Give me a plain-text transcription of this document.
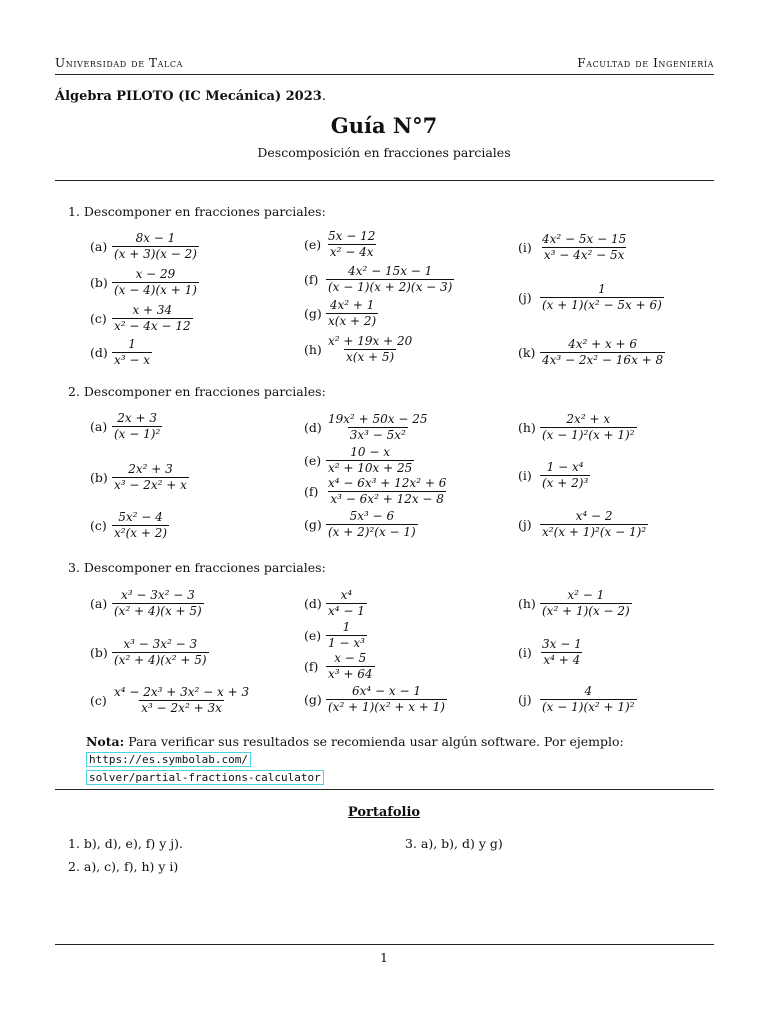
Universidad de Talca	Facultad de Ingeniería
Álgebra PILOTO (IC Mecánica) 2023.
Guía N°7
Descomposición en fracciones parciales
1. Descomponer en fracciones parciales:
$(a) \frac{8x - 1}{(x + 3)(x - 2)}$
$(b) \frac{x - 29}{(x - 4)(x + 1)}$
$(c) \frac{x + 34}{\text{x² − 4x − 12}}$
$(d) \frac{1}{\text{x³ − x}}$
$(e) \frac{5x - 12}{\text{x² − 4x}}$
$(f) \frac{\text{4x² − 15x − 1}}{(x - 1)(x + 2)(x - 3)}$
$(g) \frac{\text{4x² + 1}}{x(x + 2)}$
$(h) \frac{\text{x² + 19x + 20}}{x(x + 5)}$
$(i) \frac{\text{4x² − 5x − 15}}{\text{x³ − 4x² − 5x}}$
$(j) \frac{1}{\text{(x + 1)(x² − 5x + 6)}}$
$(k) \frac{\text{4x² + x + 6}}{\text{4x³ − 2x² − 16x + 8}}$
2. Descomponer en fracciones parciales:
$(a) \frac{2x + 3}{\text{(x − 1)²}}$
$(b) \frac{\text{2x² + 3}}{\text{x³ − 2x² + x}}$
$(c) \frac{\text{5x² − 4}}{\text{x²(x + 2)}}$
$(d) \frac{\text{19x² + 50x − 25}}{\text{3x³ − 5x²}}$
$(e) \frac{10 - x}{\text{x² + 10x + 25}}$
$(f) \frac{\text{x⁴ − 6x³ + 12x² + 6}}{\text{x³ − 6x² + 12x − 8}}$
$(g) \frac{\text{5x³ − 6}}{\text{(x + 2)²(x − 1)}}$
$(h) \frac{\text{2x² + x}}{\text{(x − 1)²(x + 1)²}}$
$(i) \frac{\text{1 − x⁴}}{\text{(x + 2)³}}$
$(j) \frac{\text{x⁴ − 2}}{\text{x²(x + 1)²(x − 1)²}}$
3. Descomponer en fracciones parciales:
$(a) \frac{\text{x³ − 3x² − 3}}{\text{(x² + 4)(x + 5)}}$
$(b) \frac{\text{x³ − 3x² − 3}}{\text{(x² + 4)(x² + 5)}}$
$(c) \frac{\text{x⁴ − 2x³ + 3x² − x + 3}}{\text{x³ − 2x² + 3x}}$
$(d) \frac{\text{x⁴}}{\text{x⁴ − 1}}$
$(e) \frac{1}{\text{1 − x³}}$
$(f) \frac{x - 5}{\text{x³ + 64}}$
$(g) \frac{\text{6x⁴ − x − 1}}{\text{(x² + 1)(x² + x + 1)}}$
$(h) \frac{\text{x² − 1}}{\text{(x² + 1)(x − 2)}}$
$(i) \frac{3x - 1}{\text{x⁴ + 4}}$
$(j) \frac{4}{\text{(x − 1)(x² + 1)²}}$
Nota: Para verificar sus resultados se recomienda usar algún software. Por ejemplo: https://es.symbolab.com/
solver/partial-fractions-calculator
Portafolio
1. b), d), e), f) y j).
2. a), c), f), h) y i)
3. a), b), d) y g)
1
